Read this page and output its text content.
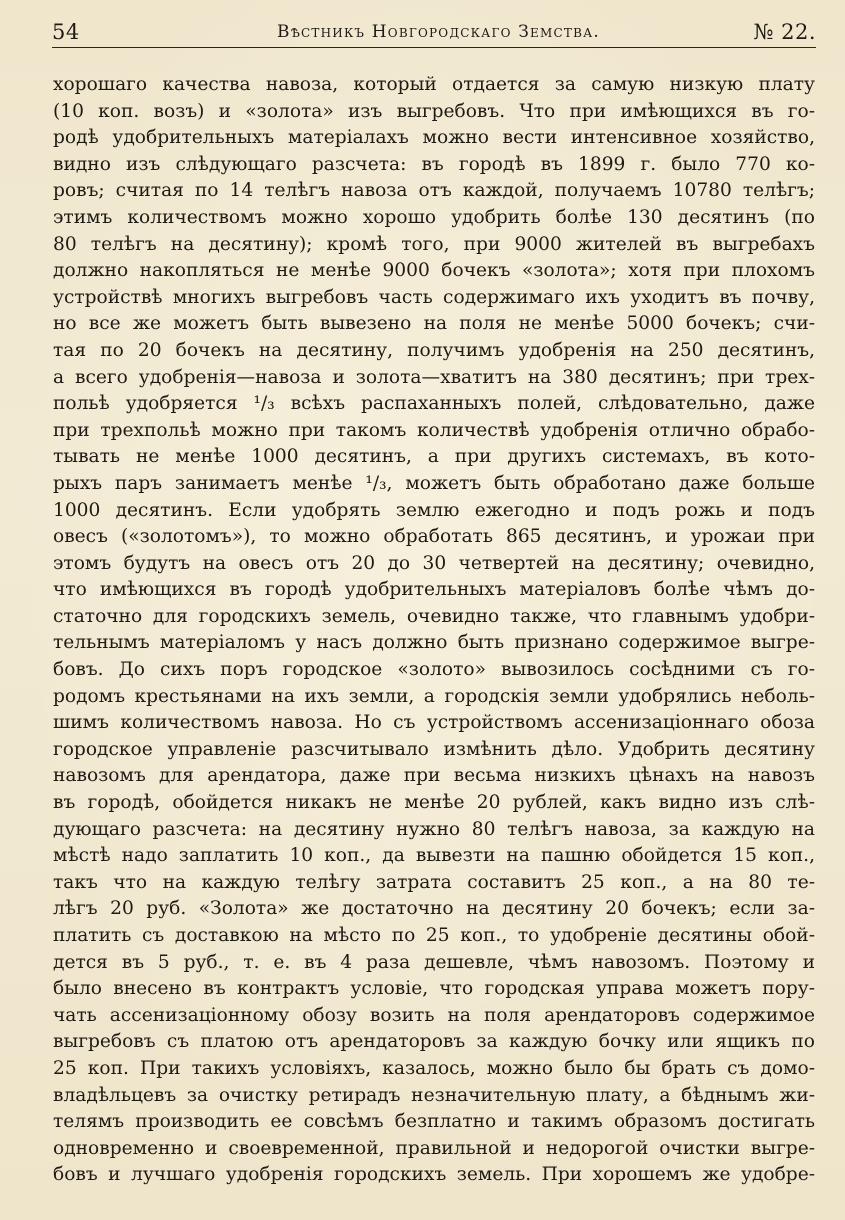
54	Вѣстникъ Новгородскаго Земства.	№ 22.
хорошаго качества навоза, который отдается за самую низкую плату
(10 коп. возъ) и «золота» изъ выгребовъ. Что при имѣющихся въ го-
родѣ удобрительныхъ матеріалахъ можно вести интенсивное хозяйство,
видно изъ слѣдующаго разсчета: въ городѣ въ 1899 г. было 770 ко-
ровъ; считая по 14 телѣгъ навоза отъ каждой, получаемъ 10780 телѣгъ;
этимъ количествомъ можно хорошо удобрить болѣе 130 десятинъ (по
80 телѣгъ на десятину); кромѣ того, при 9000 жителей въ выгребахъ
должно накопляться не менѣе 9000 бочекъ «золота»; хотя при плохомъ
устройствѣ многихъ выгребовъ часть содержимаго ихъ уходитъ въ почву,
но все же можетъ быть вывезено на поля не менѣе 5000 бочекъ; счи-
тая по 20 бочекъ на десятину, получимъ удобренія на 250 десятинъ,
а всего удобренія—навоза и золота—хватитъ на 380 десятинъ; при трех-
польѣ удобряется ¹/₃ всѣхъ распаханныхъ полей, слѣдовательно, даже
при трехпольѣ можно при такомъ количествѣ удобренія отлично обрабо-
тывать не менѣе 1000 десятинъ, а при другихъ системахъ, въ кото-
рыхъ паръ занимаетъ менѣе ¹/₃, можетъ быть обработано даже больше
1000 десятинъ. Если удобрять землю ежегодно и подъ рожь и подъ
овесъ («золотомъ»), то можно обработать 865 десятинъ, и урожаи при
этомъ будутъ на овесъ отъ 20 до 30 четвертей на десятину; очевидно,
что имѣющихся въ городѣ удобрительныхъ матеріаловъ болѣе чѣмъ до-
статочно для городскихъ земель, очевидно также, что главнымъ удобри-
тельнымъ матеріаломъ у насъ должно быть признано содержимое выгре-
бовъ. До сихъ поръ городское «золото» вывозилось сосѣдними съ го-
родомъ крестьянами на ихъ земли, а городскія земли удобрялись неболь-
шимъ количествомъ навоза. Но съ устройствомъ ассенизаціоннаго обоза
городское управленіе разсчитывало измѣнить дѣло. Удобрить десятину
навозомъ для арендатора, даже при весьма низкихъ цѣнахъ на навозъ
въ городѣ, обойдется никакъ не менѣе 20 рублей, какъ видно изъ слѣ-
дующаго разсчета: на десятину нужно 80 телѣгъ навоза, за каждую на
мѣстѣ надо заплатить 10 коп., да вывезти на пашню обойдется 15 коп.,
такъ что на каждую телѣгу затрата составитъ 25 коп., а на 80 те-
лѣгъ 20 руб. «Золота» же достаточно на десятину 20 бочекъ; если за-
платить съ доставкою на мѣсто по 25 коп., то удобреніе десятины обой-
дется въ 5 руб., т. е. въ 4 раза дешевле, чѣмъ навозомъ. Поэтому и
было внесено въ контрактъ условіе, что городская управа можетъ пору-
чать ассенизаціонному обозу возить на поля арендаторовъ содержимое
выгребовъ съ платою отъ арендаторовъ за каждую бочку или ящикъ по
25 коп. При такихъ условіяхъ, казалось, можно было бы брать съ домо-
владѣльцевъ за очистку ретирадъ незначительную плату, а бѣднымъ жи-
телямъ производить ее совсѣмъ безплатно и такимъ образомъ достигать
одновременно и своевременной, правильной и недорогой очистки выгре-
бовъ и лучшаго удобренія городскихъ земель. При хорошемъ же удобре-
